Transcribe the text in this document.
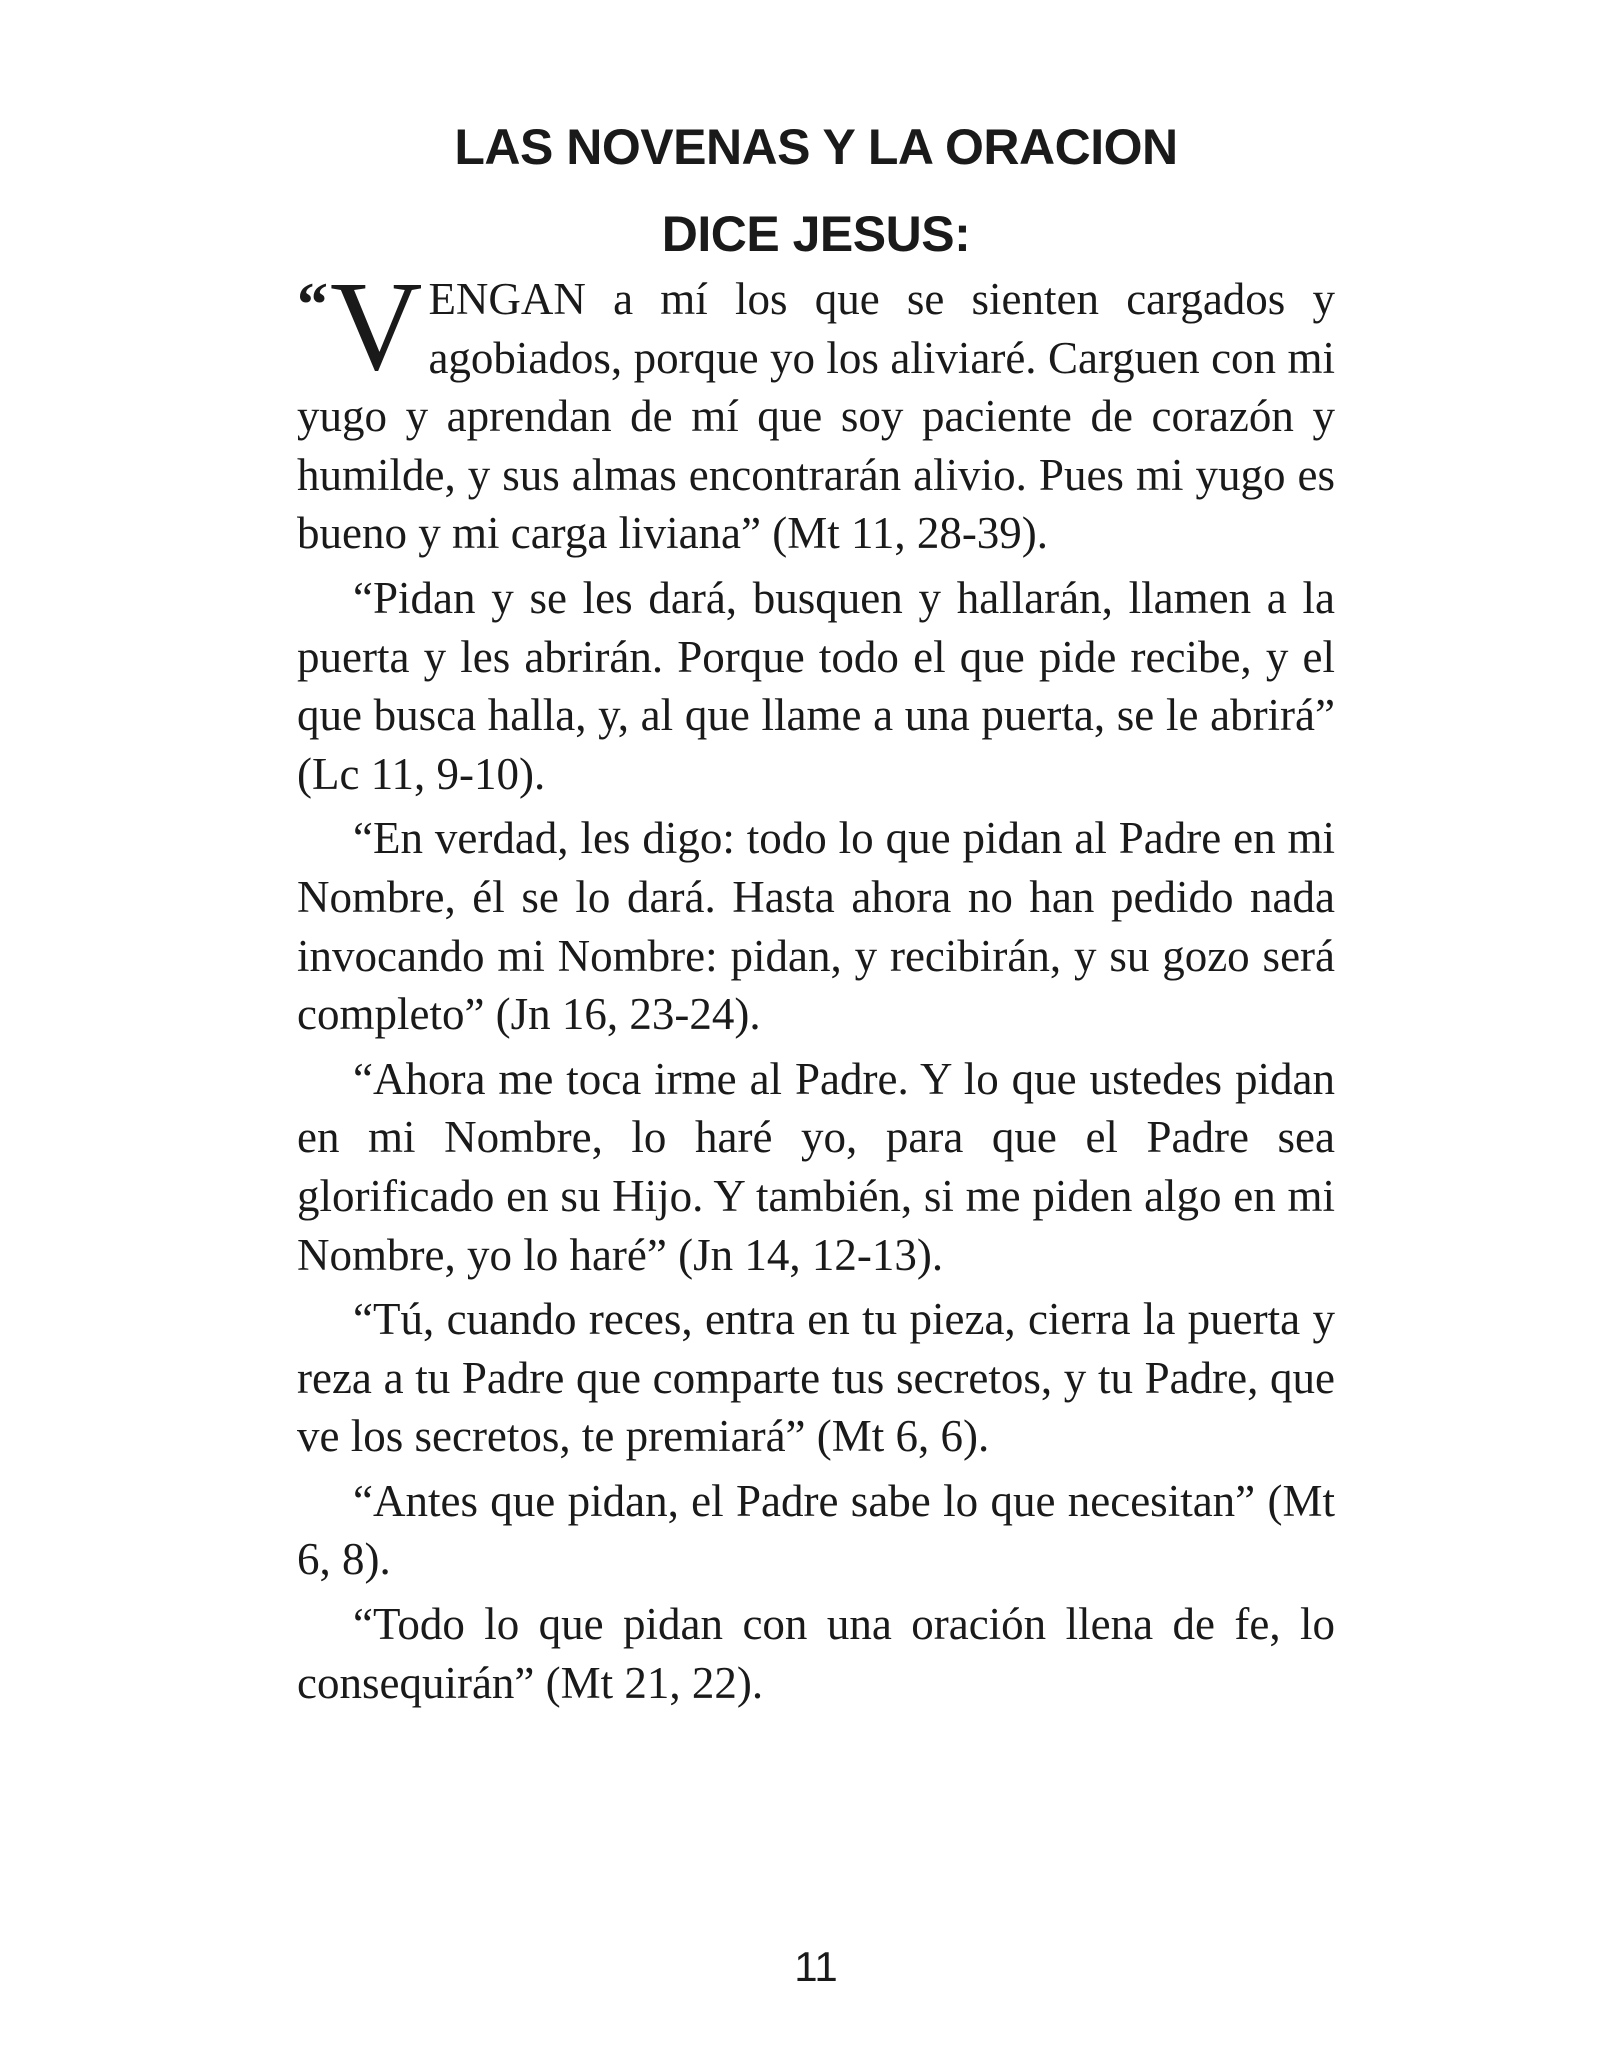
LAS NOVENAS Y LA ORACION
DICE JESUS:

“ V ENGAN a mí los que se sienten cargados y agobiados, porque yo los aliviaré. Carguen con mi yugo y aprendan de mí que soy paciente de corazón y humilde, y sus almas encontrarán alivio. Pues mi yugo es bueno y mi carga liviana” (Mt 11, 28-39).

“Pidan y se les dará, busquen y hallarán, llamen a la puerta y les abrirán. Porque todo el que pide recibe, y el que busca halla, y, al que llame a una puerta, se le abrirá” (Lc 11, 9-10).

“En verdad, les digo: todo lo que pidan al Padre en mi Nombre, él se lo dará. Hasta ahora no han pedido nada invocando mi Nombre: pidan, y recibirán, y su gozo será completo” (Jn 16, 23-24).

“Ahora me toca irme al Padre. Y lo que ustedes pidan en mi Nombre, lo haré yo, para que el Padre sea glorificado en su Hijo. Y también, si me piden algo en mi Nombre, yo lo haré” (Jn 14, 12-13).

“Tú, cuando reces, entra en tu pieza, cierra la puerta y reza a tu Padre que comparte tus secretos, y tu Padre, que ve los secretos, te premiará” (Mt 6, 6).

“Antes que pidan, el Padre sabe lo que necesitan” (Mt 6, 8).

“Todo lo que pidan con una oración llena de fe, lo consequirán” (Mt 21, 22).

11
